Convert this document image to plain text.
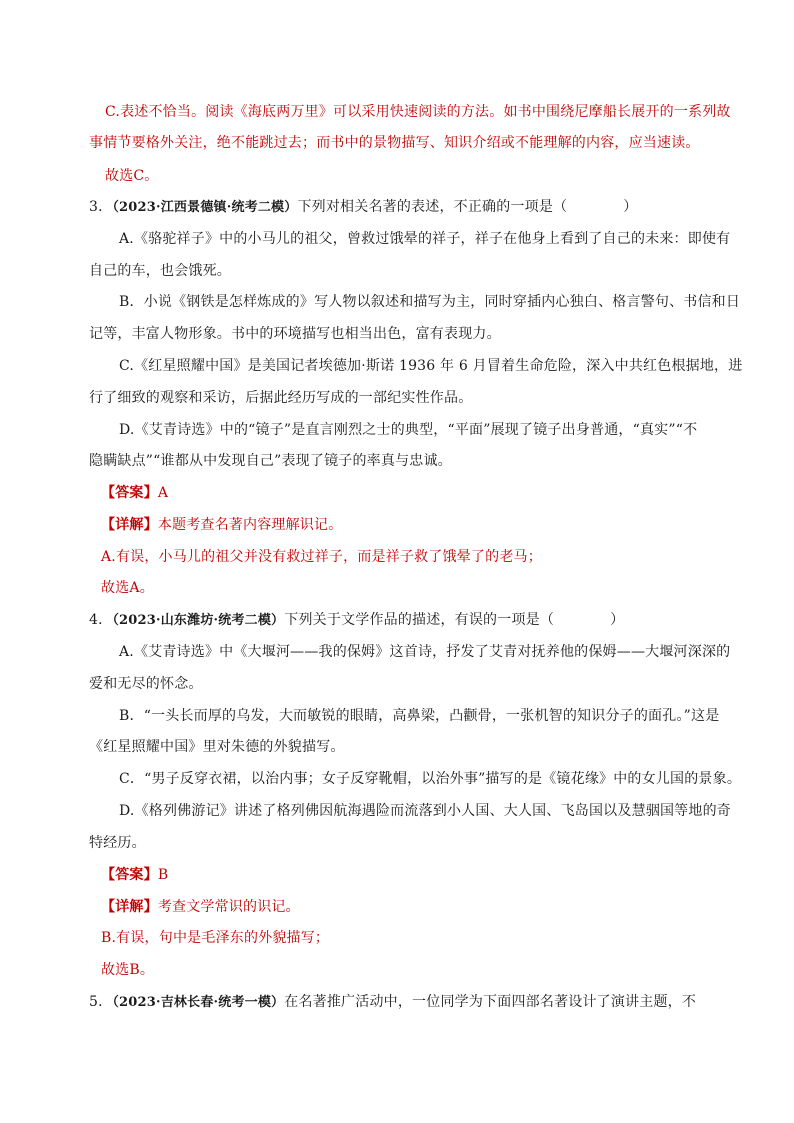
C.表述不恰当。阅读《海底两万里》可以采用快速阅读的方法。如书中围绕尼摩船长展开的一系列故
事情节要格外关注，绝不能跳过去；而书中的景物描写、知识介绍或不能理解的内容，应当速读。
故选C。
3．（2023·江西景德镇·统考二模）下列对相关名著的表述，不正确的一项是（	）
A.《骆驼祥子》中的小马儿的祖父，曾救过饿晕的祥子，祥子在他身上看到了自己的未来：即使有
自己的车，也会饿死。
B．小说《钢铁是怎样炼成的》写人物以叙述和描写为主，同时穿插内心独白、格言警句、书信和日
记等，丰富人物形象。书中的环境描写也相当出色，富有表现力。
C.《红星照耀中国》是美国记者埃德加·斯诺 1936 年 6 月冒着生命危险，深入中共红色根据地，进
行了细致的观察和采访，后据此经历写成的一部纪实性作品。
D.《艾青诗选》中的“镜子”是直言刚烈之士的典型，“平面”展现了镜子出身普通，“真实”“不
隐瞒缺点”“谁都从中发现自己”表现了镜子的率真与忠诚。
【答案】A
【详解】本题考查名著内容理解识记。
A.有误，小马儿的祖父并没有救过祥子，而是祥子救了饿晕了的老马；
故选A。
4．（2023·山东潍坊·统考二模）下列关于文学作品的描述，有误的一项是（	）
A.《艾青诗选》中《大堰河——我的保姆》这首诗，抒发了艾青对抚养他的保姆——大堰河深深的
爱和无尽的怀念。
B．“一头长而厚的乌发，大而敏锐的眼睛，高鼻梁，凸颧骨，一张机智的知识分子的面孔。”这是
《红星照耀中国》里对朱德的外貌描写。
C．“男子反穿衣裙，以治内事；女子反穿靴帽，以治外事”描写的是《镜花缘》中的女儿国的景象。
D.《格列佛游记》讲述了格列佛因航海遇险而流落到小人国、大人国、飞岛国以及慧骃国等地的奇
特经历。
【答案】B
【详解】考查文学常识的识记。
B.有误，句中是毛泽东的外貌描写；
故选B。
5．（2023·吉林长春·统考一模）在名著推广活动中，一位同学为下面四部名著设计了演讲主题，不
